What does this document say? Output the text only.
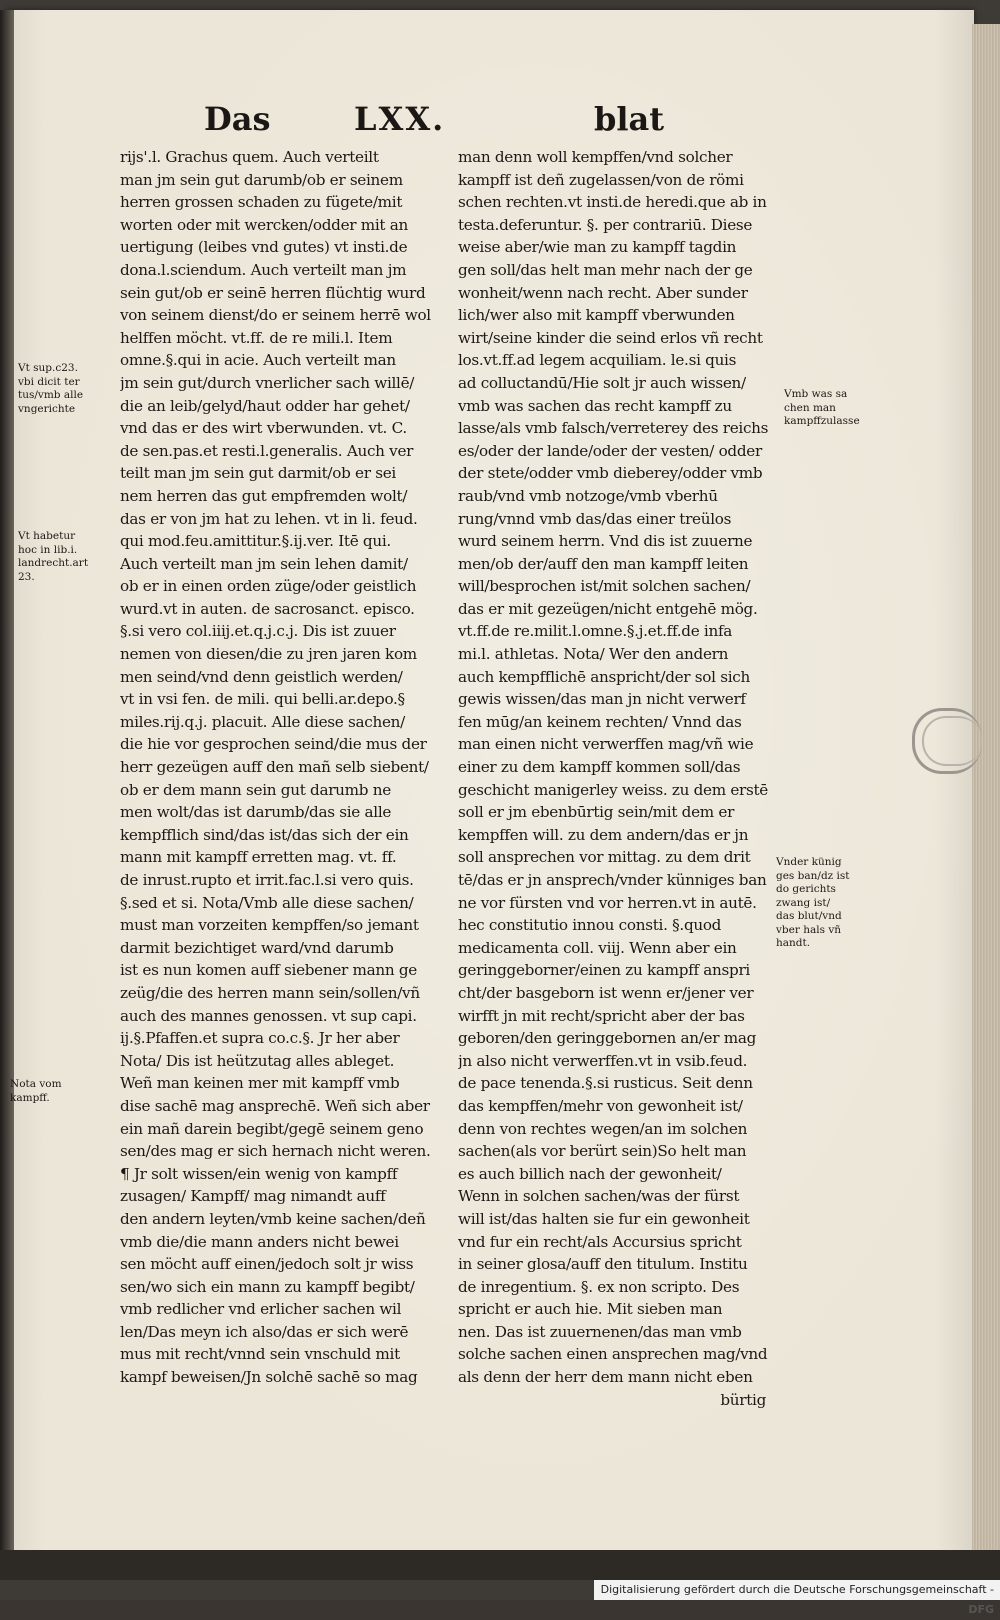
Das	LXX.	blat
rijs'.l. Grachus quem. Auch verteilt
man jm sein gut darumb/ob er seinem
herren grossen schaden zu fügete/mit
worten oder mit wercken/odder mit an
uertigung (leibes vnd gutes) vt insti.de
dona.l.sciendum. Auch verteilt man jm
sein gut/ob er seinē herren flüchtig wurd
von seinem dienst/do er seinem herrē wol
helffen möcht. vt.ff. de re mili.l. Item
omne.§.qui in acie. Auch verteilt man
jm sein gut/durch vnerlicher sach willē/
die an leib/gelyd/haut odder har gehet/
vnd das er des wirt vberwunden. vt. C.
de sen.pas.et resti.l.generalis. Auch ver
teilt man jm sein gut darmit/ob er sei
nem herren das gut empfremden wolt/
das er von jm hat zu lehen. vt in li. feud.
qui mod.feu.amittitur.§.ij.ver. Itē qui.
Auch verteilt man jm sein lehen damit/
ob er in einen orden züge/oder geistlich
wurd.vt in auten. de sacrosanct. episco.
§.si vero col.iiij.et.q.j.c.j. Dis ist zuuer
nemen von diesen/die zu jren jaren kom
men seind/vnd denn geistlich werden/
vt in vsi fen. de mili. qui belli.ar.depo.§
miles.rij.q.j. placuit. Alle diese sachen/
die hie vor gesprochen seind/die mus der
herr gezeügen auff den mañ selb siebent/
ob er dem mann sein gut darumb ne
men wolt/das ist darumb/das sie alle
kempfflich sind/das ist/das sich der ein
mann mit kampff erretten mag. vt. ff.
de inrust.rupto et irrit.fac.l.si vero quis.
§.sed et si. Nota/Vmb alle diese sachen/
must man vorzeiten kempffen/so jemant
darmit bezichtiget ward/vnd darumb
ist es nun komen auff siebener mann ge
zeüg/die des herren mann sein/sollen/vñ
auch des mannes genossen. vt sup capi.
ij.§.Pfaffen.et supra co.c.§. Jr her aber
Nota/ Dis ist heützutag alles ableget.
Weñ man keinen mer mit kampff vmb
dise sachē mag ansprechē. Weñ sich aber
ein mañ darein begibt/gegē seinem geno
sen/des mag er sich hernach nicht weren.
¶ Jr solt wissen/ein wenig von kampff
zusagen/ Kampff/ mag nimandt auff
den andern leyten/vmb keine sachen/deñ
vmb die/die mann anders nicht bewei
sen möcht auff einen/jedoch solt jr wiss
sen/wo sich ein mann zu kampff begibt/
vmb redlicher vnd erlicher sachen wil
len/Das meyn ich also/das er sich werē
mus mit recht/vnnd sein vnschuld mit
kampf beweisen/Jn solchē sachē so mag
man denn woll kempffen/vnd solcher
kampff ist deñ zugelassen/von de römi
schen rechten.vt insti.de heredi.que ab in
testa.deferuntur. §. per contrariū. Diese
weise aber/wie man zu kampff tagdin
gen soll/das helt man mehr nach der ge
wonheit/wenn nach recht. Aber sunder
lich/wer also mit kampff vberwunden
wirt/seine kinder die seind erlos vñ recht
los.vt.ff.ad legem acquiliam. le.si quis
ad colluctandū/Hie solt jr auch wissen/
vmb was sachen das recht kampff zu
lasse/als vmb falsch/verreterey des reichs
es/oder der lande/oder der vesten/ odder
der stete/odder vmb dieberey/odder vmb
raub/vnd vmb notzoge/vmb vberhū
rung/vnnd vmb das/das einer treülos
wurd seinem herrn. Vnd dis ist zuuerne
men/ob der/auff den man kampff leiten
will/besprochen ist/mit solchen sachen/
das er mit gezeügen/nicht entgehē mög.
vt.ff.de re.milit.l.omne.§.j.et.ff.de infa
mi.l. athletas. Nota/ Wer den andern
auch kempfflichē anspricht/der sol sich
gewis wissen/das man jn nicht verwerf
fen mūg/an keinem rechten/ Vnnd das
man einen nicht verwerffen mag/vñ wie
einer zu dem kampff kommen soll/das
geschicht manigerley weiss. zu dem erstē
soll er jm ebenbūrtig sein/mit dem er
kempffen will. zu dem andern/das er jn
soll ansprechen vor mittag. zu dem drit
tē/das er jn ansprech/vnder künniges ban
ne vor fürsten vnd vor herren.vt in autē.
hec constitutio innou consti. §.quod
medicamenta coll. viij. Wenn aber ein
geringgeborner/einen zu kampff anspri
cht/der basgeborn ist wenn er/jener ver
wirfft jn mit recht/spricht aber der bas
geboren/den geringgebornen an/er mag
jn also nicht verwerffen.vt in vsib.feud.
de pace tenenda.§.si rusticus. Seit denn
das kempffen/mehr von gewonheit ist/
denn von rechtes wegen/an im solchen
sachen(als vor berürt sein)So helt man
es auch billich nach der gewonheit/
Wenn in solchen sachen/was der fürst
will ist/das halten sie fur ein gewonheit
vnd fur ein recht/als Accursius spricht
in seiner glosa/auff den titulum. Institu
de inregentium. §. ex non scripto. Des
spricht er auch hie. Mit sieben man
nen. Das ist zuuernenen/das man vmb
solche sachen einen ansprechen mag/vnd
als denn der herr dem mann nicht eben
bürtig
Vt sup.c23.
vbi dicit ter
tus/vmb alle
vngerichte
Vt habetur
hoc in lib.i.
landrecht.art
23.
Nota vom
kampff.
Vmb was sa
chen man
kampffzulasse
Vnder künig
ges ban/dz ist
do gerichts
zwang ist/
das blut/vnd
vber hals vñ
handt.
Digitalisierung gefördert durch die Deutsche Forschungsgemeinschaft -DFG
